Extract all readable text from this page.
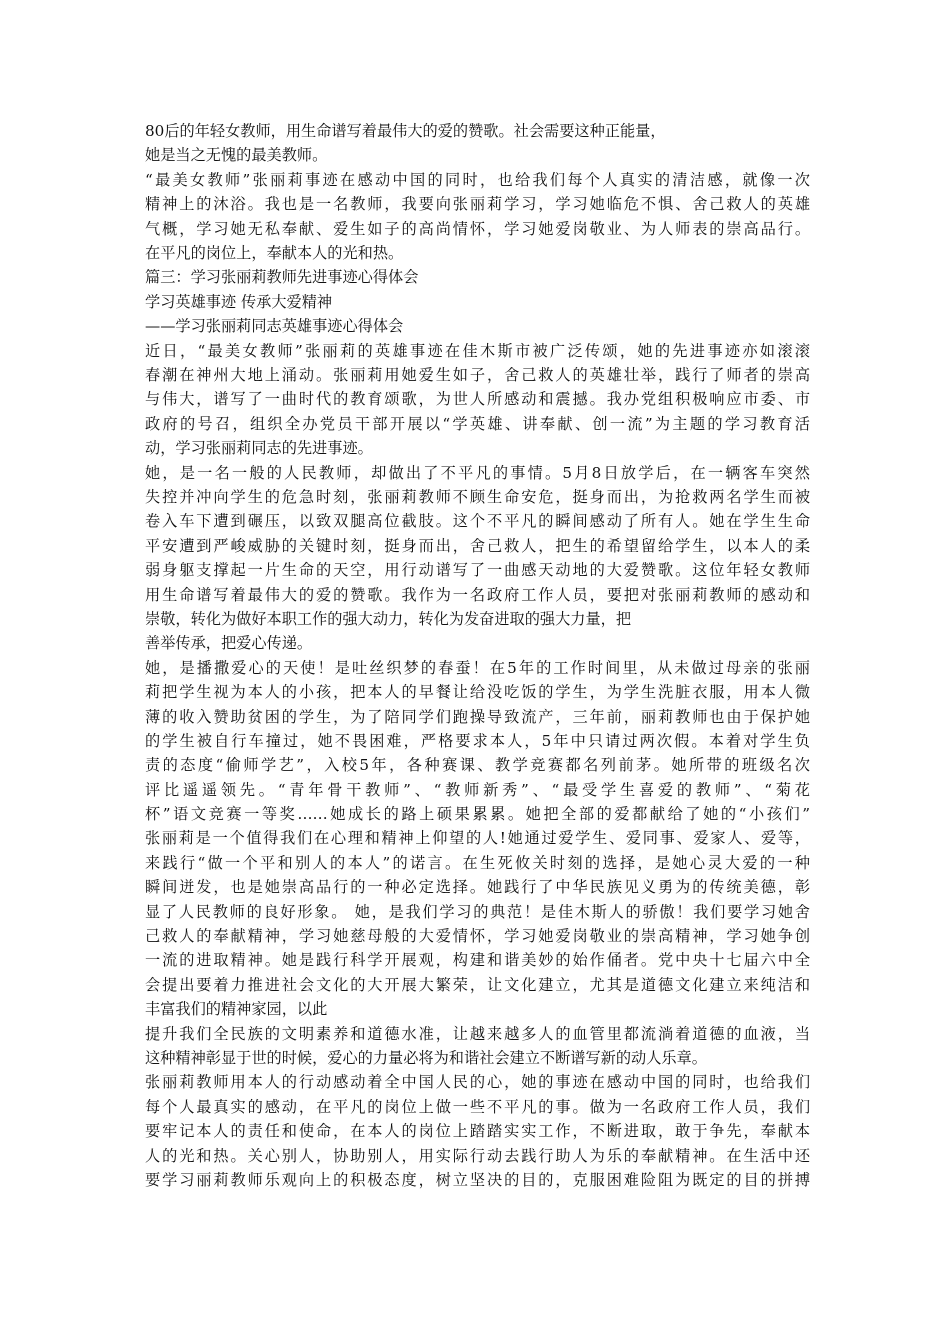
80后的年轻女教师，用生命谱写着最伟大的爱的赞歌。社会需要这种正能量，
她是当之无愧的最美教师。
“最美女教师”张丽莉事迹在感动中国的同时，也给我们每个人真实的清洁感，就像一次
精神上的沐浴。我也是一名教师，我要向张丽莉学习，学习她临危不惧、舍己救人的英雄
气概，学习她无私奉献、爱生如子的高尚情怀，学习她爱岗敬业、为人师表的崇高品行。
在平凡的岗位上，奉献本人的光和热。
篇三：学习张丽莉教师先进事迹心得体会
学习英雄事迹 传承大爱精神
——学习张丽莉同志英雄事迹心得体会
近日，“最美女教师”张丽莉的英雄事迹在佳木斯市被广泛传颂，她的先进事迹亦如滚滚
春潮在神州大地上涌动。张丽莉用她爱生如子，舍己救人的英雄壮举，践行了师者的崇高
与伟大，谱写了一曲时代的教育颂歌，为世人所感动和震撼。我办党组积极响应市委、市
政府的号召，组织全办党员干部开展以“学英雄、讲奉献、创一流”为主题的学习教育活
动，学习张丽莉同志的先进事迹。
她，是一名一般的人民教师，却做出了不平凡的事情。5月8日放学后，在一辆客车突然
失控并冲向学生的危急时刻，张丽莉教师不顾生命安危，挺身而出，为抢救两名学生而被
卷入车下遭到碾压，以致双腿高位截肢。这个不平凡的瞬间感动了所有人。她在学生生命
平安遭到严峻威胁的关键时刻，挺身而出，舍己救人，把生的希望留给学生，以本人的柔
弱身躯支撑起一片生命的天空，用行动谱写了一曲感天动地的大爱赞歌。这位年轻女教师
用生命谱写着最伟大的爱的赞歌。我作为一名政府工作人员，要把对张丽莉教师的感动和
崇敬，转化为做好本职工作的强大动力，转化为发奋进取的强大力量，把
善举传承，把爱心传递。
她，是播撒爱心的天使！是吐丝织梦的春蚕！在5年的工作时间里，从未做过母亲的张丽
莉把学生视为本人的小孩，把本人的早餐让给没吃饭的学生，为学生洗脏衣服，用本人微
薄的收入赞助贫困的学生，为了陪同学们跑操导致流产，三年前，丽莉教师也由于保护她
的学生被自行车撞过，她不畏困难，严格要求本人，5年中只请过两次假。本着对学生负
责的态度“偷师学艺”，入校5年，各种赛课、教学竞赛都名列前茅。她所带的班级名次
评比遥遥领先。“青年骨干教师”、“教师新秀”、“最受学生喜爱的教师”、“菊花
杯”语文竞赛一等奖……她成长的路上硕果累累。她把全部的爱都献给了她的“小孩们”
张丽莉是一个值得我们在心理和精神上仰望的人!她通过爱学生、爱同事、爱家人、爱等，
来践行“做一个平和别人的本人”的诺言。在生死攸关时刻的选择，是她心灵大爱的一种
瞬间迸发，也是她崇高品行的一种必定选择。她践行了中华民族见义勇为的传统美德，彰
显了人民教师的良好形象。 她，是我们学习的典范！是佳木斯人的骄傲！我们要学习她舍
己救人的奉献精神，学习她慈母般的大爱情怀，学习她爱岗敬业的崇高精神，学习她争创
一流的进取精神。她是践行科学开展观，构建和谐美妙的始作俑者。党中央十七届六中全
会提出要着力推进社会文化的大开展大繁荣，让文化建立，尤其是道德文化建立来纯洁和
丰富我们的精神家园，以此
提升我们全民族的文明素养和道德水准，让越来越多人的血管里都流淌着道德的血液，当
这种精神彰显于世的时候，爱心的力量必将为和谐社会建立不断谱写新的动人乐章。
张丽莉教师用本人的行动感动着全中国人民的心，她的事迹在感动中国的同时，也给我们
每个人最真实的感动，在平凡的岗位上做一些不平凡的事。做为一名政府工作人员，我们
要牢记本人的责任和使命，在本人的岗位上踏踏实实工作，不断进取，敢于争先，奉献本
人的光和热。关心别人，协助别人，用实际行动去践行助人为乐的奉献精神。在生活中还
要学习丽莉教师乐观向上的积极态度，树立坚决的目的，克服困难险阻为既定的目的拼搏
